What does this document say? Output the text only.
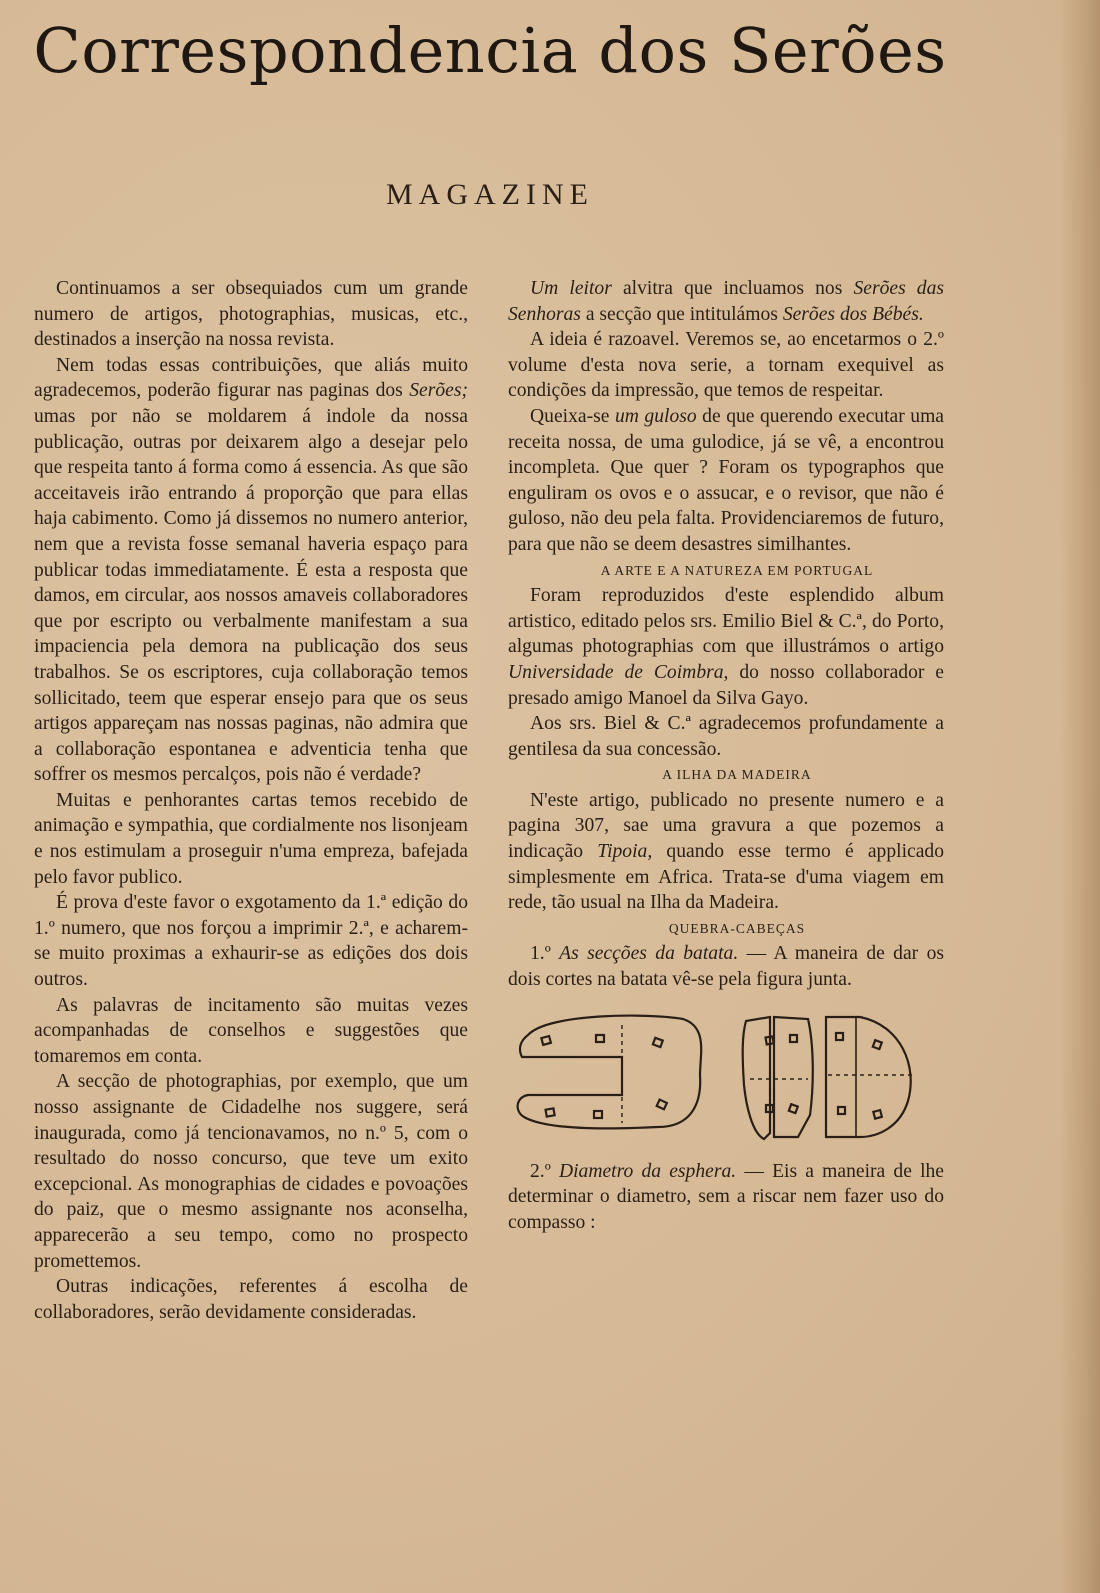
Correspondencia dos Serões
MAGAZINE

Continuamos a ser obsequiados cum um grande numero de artigos, photographias, musicas, etc., destinados a inserção na nossa revista.

Nem todas essas contribuições, que aliás muito agradecemos, poderão figurar nas paginas dos Serões; umas por não se moldarem á indole da nossa publicação, outras por deixarem algo a desejar pelo que respeita tanto á forma como á essencia. As que são acceitaveis irão entrando á proporção que para ellas haja cabimento. Como já dissemos no numero anterior, nem que a revista fosse semanal haveria espaço para publicar todas immediatamente. É esta a resposta que damos, em circular, aos nossos amaveis collaboradores que por escripto ou verbalmente manifestam a sua impaciencia pela demora na publicação dos seus trabalhos. Se os escriptores, cuja collaboração temos sollicitado, teem que esperar ensejo para que os seus artigos appareçam nas nossas paginas, não admira que a collaboração espontanea e adventicia tenha que soffrer os mesmos percalços, pois não é verdade?

Muitas e penhorantes cartas temos recebido de animação e sympathia, que cordialmente nos lisonjeam e nos estimulam a proseguir n'uma empreza, bafejada pelo favor publico.

É prova d'este favor o exgotamento da 1.ª edição do 1.º numero, que nos forçou a imprimir 2.ª, e acharem-se muito proximas a exhaurir-se as edições dos dois outros.

As palavras de incitamento são muitas vezes acompanhadas de conselhos e suggestões que tomaremos em conta.

A secção de photographias, por exemplo, que um nosso assignante de Cidadelhe nos suggere, será inaugurada, como já tencionavamos, no n.º 5, com o resultado do nosso concurso, que teve um exito excepcional. As monographias de cidades e povoações do paiz, que o mesmo assignante nos aconselha, apparecerão a seu tempo, como no prospecto promettemos.

Outras indicações, referentes á escolha de collaboradores, serão devidamente consideradas.

Um leitor alvitra que incluamos nos Serões das Senhoras a secção que intitulámos Serões dos Bébés.

A ideia é razoavel. Veremos se, ao encetarmos o 2.º volume d'esta nova serie, a tornam exequivel as condições da impressão, que temos de respeitar.

Queixa-se um guloso de que querendo executar uma receita nossa, de uma gulodice, já se vê, a encontrou incompleta. Que quer ? Foram os typographos que enguliram os ovos e o assucar, e o revisor, que não é guloso, não deu pela falta. Providenciaremos de futuro, para que não se deem desastres similhantes.

A ARTE E A NATUREZA EM PORTUGAL

Foram reproduzidos d'este esplendido album artistico, editado pelos srs. Emilio Biel & C.ª, do Porto, algumas photographias com que illustrámos o artigo Universidade de Coimbra, do nosso collaborador e presado amigo Manoel da Silva Gayo.

Aos srs. Biel & C.ª agradecemos profundamente a gentilesa da sua concessão.

A ILHA DA MADEIRA

N'este artigo, publicado no presente numero e a pagina 307, sae uma gravura a que pozemos a indicação Tipoia, quando esse termo é applicado simplesmente em Africa. Trata-se d'uma viagem em rede, tão usual na Ilha da Madeira.

QUEBRA-CABEÇAS

1.º As secções da batata. — A maneira de dar os dois cortes na batata vê-se pela figura junta.

2.º Diametro da esphera. — Eis a maneira de lhe determinar o diametro, sem a riscar nem fazer uso do compasso :
